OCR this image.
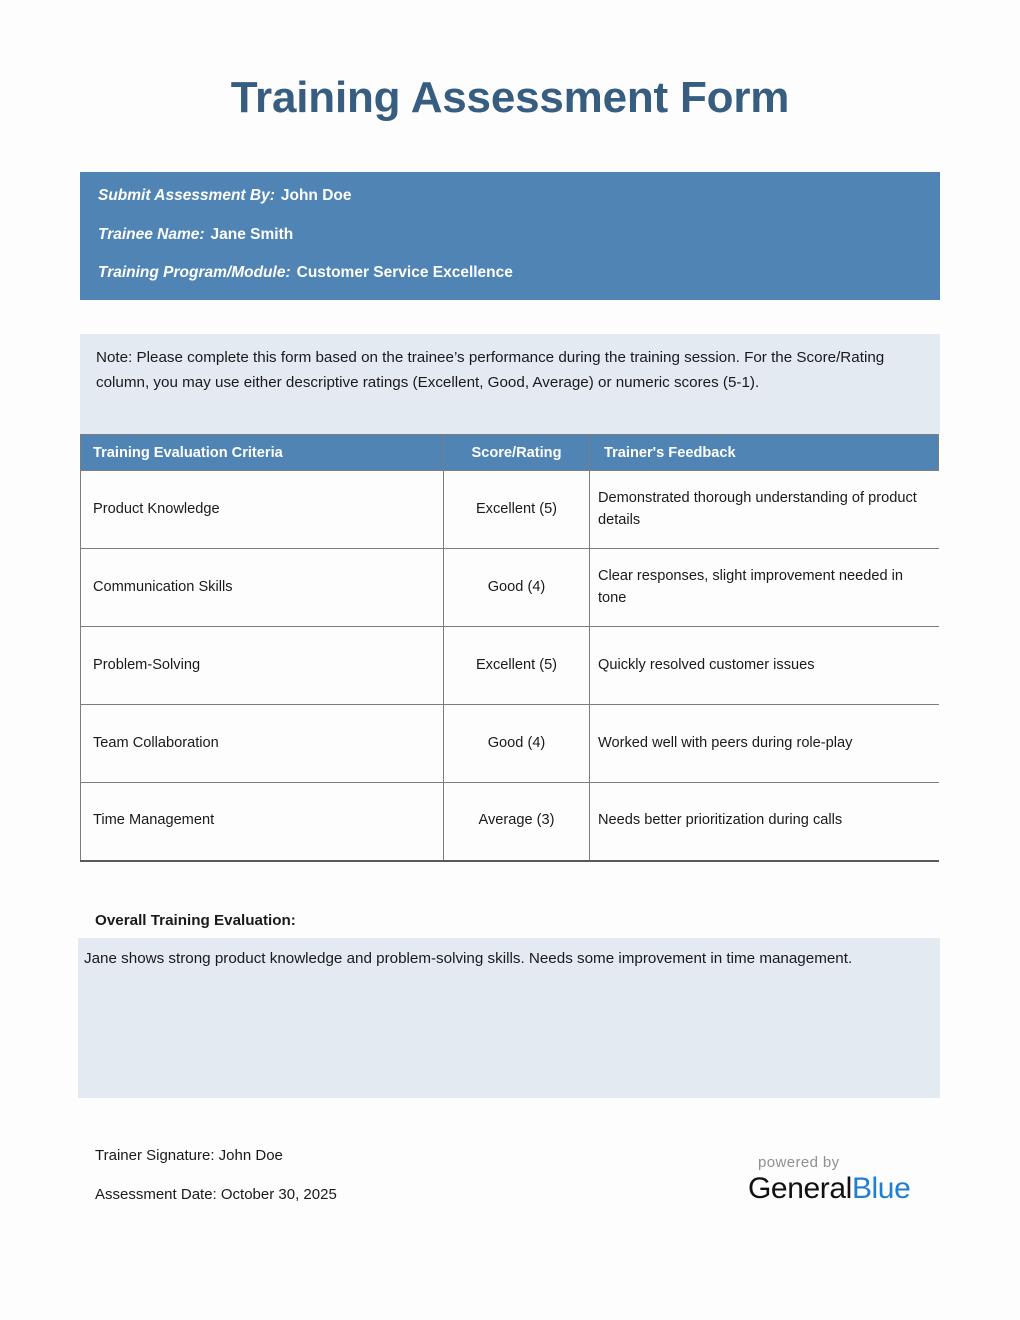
Training Assessment Form
Submit Assessment By: John Doe
Trainee Name: Jane Smith
Training Program/Module: Customer Service Excellence
Note: Please complete this form based on the trainee’s performance during the training session. For the Score/Rating column, you may use either descriptive ratings (Excellent, Good, Average) or numeric scores (5-1).
Training Evaluation Criteria	Score/Rating	Trainer's Feedback
Product Knowledge	Excellent (5)	Demonstrated thorough understanding of product details
Communication Skills	Good (4)	Clear responses, slight improvement needed in tone
Problem-Solving	Excellent (5)	Quickly resolved customer issues
Team Collaboration	Good (4)	Worked well with peers during role-play
Time Management	Average (3)	Needs better prioritization during calls
Overall Training Evaluation:
Jane shows strong product knowledge and problem-solving skills. Needs some improvement in time management.
Trainer Signature: John Doe
Assessment Date: October 30, 2025
powered by
GeneralBlue
